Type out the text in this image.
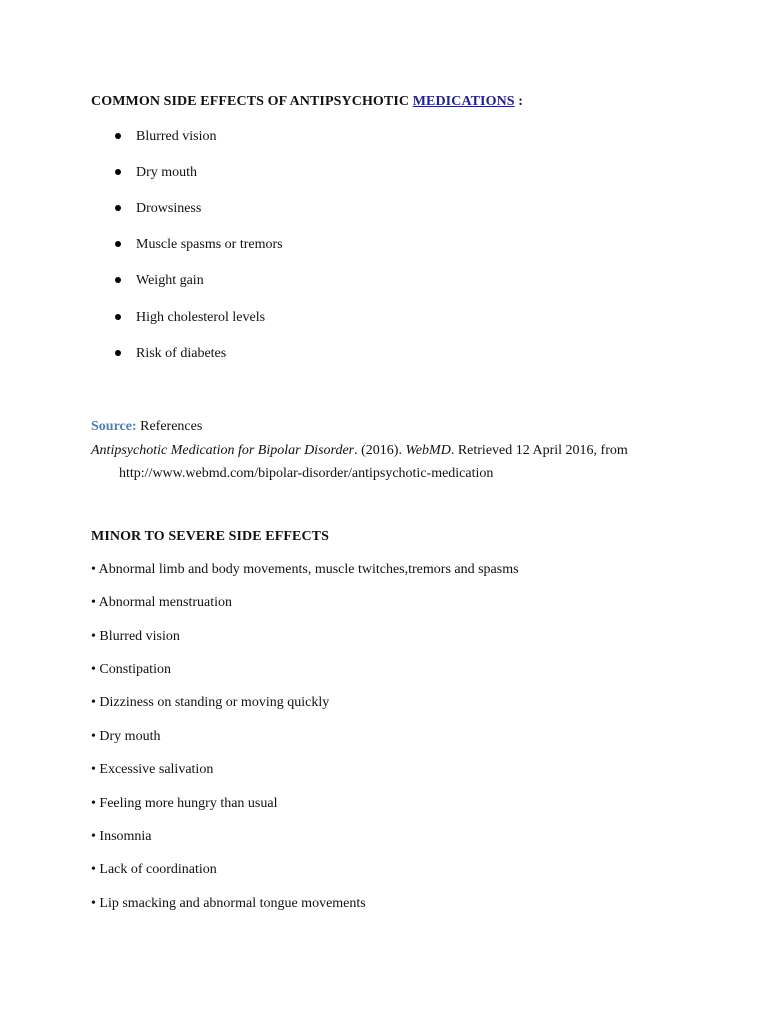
COMMON SIDE EFFECTS OF ANTIPSYCHOTIC MEDICATIONS :
Blurred vision
Dry mouth
Drowsiness
Muscle spasms or tremors
Weight gain
High cholesterol levels
Risk of diabetes
Source: References
Antipsychotic Medication for Bipolar Disorder. (2016). WebMD. Retrieved 12 April 2016, from
http://www.webmd.com/bipolar-disorder/antipsychotic-medication
MINOR TO SEVERE SIDE EFFECTS
• Abnormal limb and body movements, muscle twitches,tremors and spasms
• Abnormal menstruation
• Blurred vision
• Constipation
• Dizziness on standing or moving quickly
• Dry mouth
• Excessive salivation
• Feeling more hungry than usual
• Insomnia
• Lack of coordination
• Lip smacking and abnormal tongue movements
